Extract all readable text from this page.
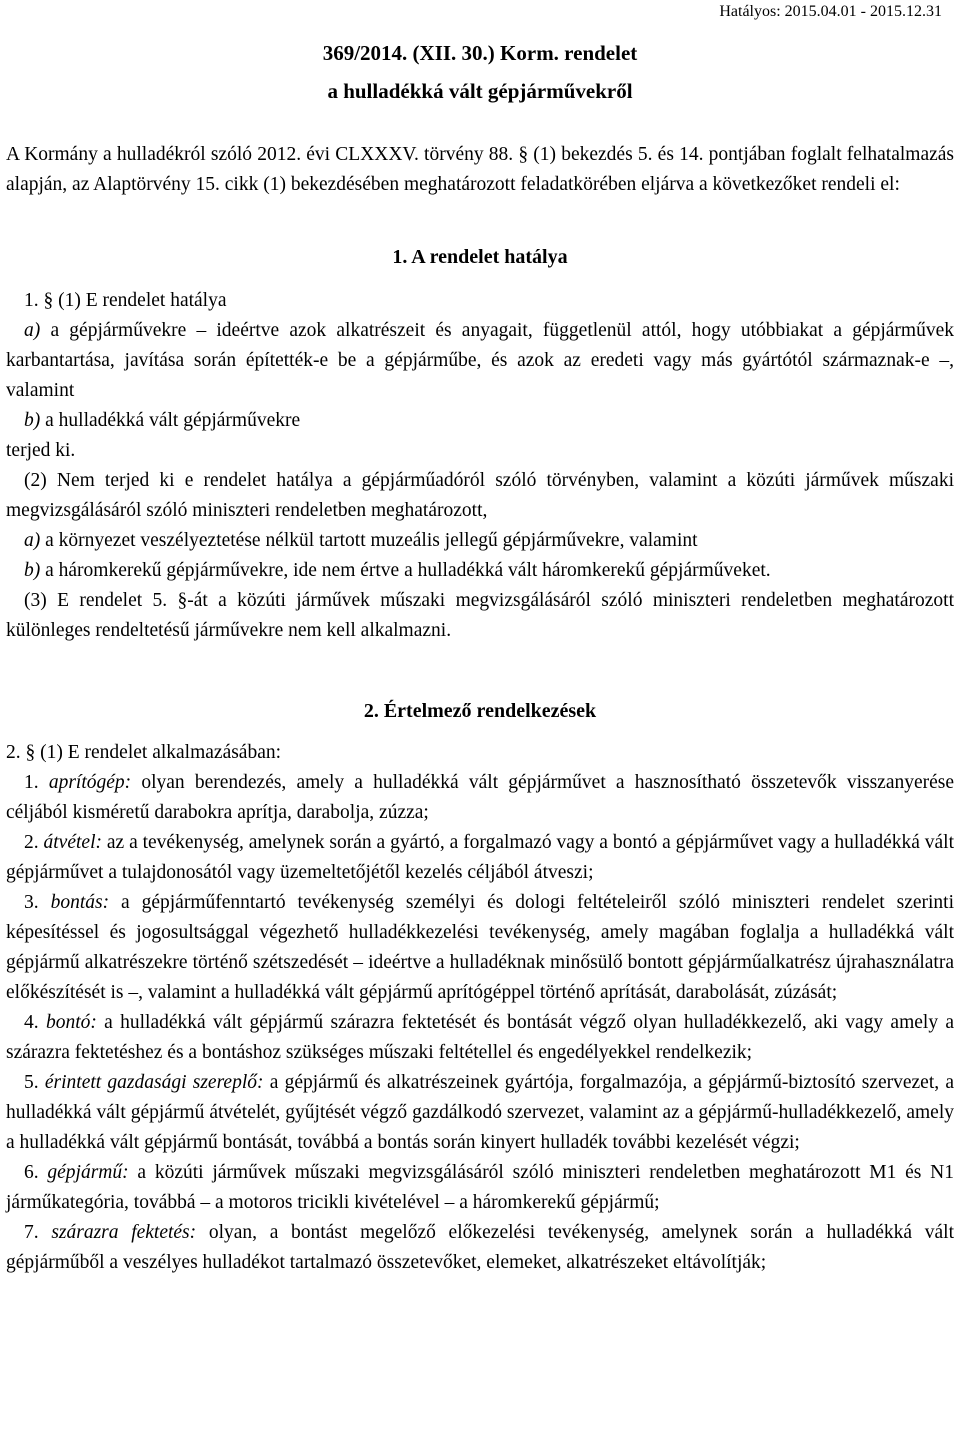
Hatályos: 2015.04.01 - 2015.12.31
369/2014. (XII. 30.) Korm. rendelet
a hulladékká vált gépjárművekről

A Kormány a hulladékról szóló 2012. évi CLXXXV. törvény 88. § (1) bekezdés 5. és 14. pontjában foglalt felhatalmazás alapján, az Alaptörvény 15. cikk (1) bekezdésében meghatározott feladatkörében eljárva a következőket rendeli el:

1. A rendelet hatálya

1. § (1) E rendelet hatálya

a) a gépjárművekre – ideértve azok alkatrészeit és anyagait, függetlenül attól, hogy utóbbiakat a gépjárművek karbantartása, javítása során építették-e be a gépjárműbe, és azok az eredeti vagy más gyártótól származnak-e –, valamint

b) a hulladékká vált gépjárművekre

terjed ki.

(2) Nem terjed ki e rendelet hatálya a gépjárműadóról szóló törvényben, valamint a közúti járművek műszaki megvizsgálásáról szóló miniszteri rendeletben meghatározott,

a) a környezet veszélyeztetése nélkül tartott muzeális jellegű gépjárművekre, valamint

b) a háromkerekű gépjárművekre, ide nem értve a hulladékká vált háromkerekű gépjárműveket.

(3) E rendelet 5. §-át a közúti járművek műszaki megvizsgálásáról szóló miniszteri rendeletben meghatározott különleges rendeltetésű járművekre nem kell alkalmazni.

2. Értelmező rendelkezések

2. § (1) E rendelet alkalmazásában:

1. aprítógép: olyan berendezés, amely a hulladékká vált gépjárművet a hasznosítható összetevők visszanyerése céljából kisméretű darabokra aprítja, darabolja, zúzza;

2. átvétel: az a tevékenység, amelynek során a gyártó, a forgalmazó vagy a bontó a gépjárművet vagy a hulladékká vált gépjárművet a tulajdonosától vagy üzemeltetőjétől kezelés céljából átveszi;

3. bontás: a gépjárműfenntartó tevékenység személyi és dologi feltételeiről szóló miniszteri rendelet szerinti képesítéssel és jogosultsággal végezhető hulladékkezelési tevékenység, amely magában foglalja a hulladékká vált gépjármű alkatrészekre történő szétszedését – ideértve a hulladéknak minősülő bontott gépjárműalkatrész újrahasználatra előkészítését is –, valamint a hulladékká vált gépjármű aprítógéppel történő aprítását, darabolását, zúzását;

4. bontó: a hulladékká vált gépjármű szárazra fektetését és bontását végző olyan hulladékkezelő, aki vagy amely a szárazra fektetéshez és a bontáshoz szükséges műszaki feltétellel és engedélyekkel rendelkezik;

5. érintett gazdasági szereplő: a gépjármű és alkatrészeinek gyártója, forgalmazója, a gépjármű-biztosító szervezet, a hulladékká vált gépjármű átvételét, gyűjtését végző gazdálkodó szervezet, valamint az a gépjármű-hulladékkezelő, amely a hulladékká vált gépjármű bontását, továbbá a bontás során kinyert hulladék további kezelését végzi;

6. gépjármű: a közúti járművek műszaki megvizsgálásáról szóló miniszteri rendeletben meghatározott M1 és N1 járműkategória, továbbá – a motoros tricikli kivételével – a háromkerekű gépjármű;

7. szárazra fektetés: olyan, a bontást megelőző előkezelési tevékenység, amelynek során a hulladékká vált gépjárműből a veszélyes hulladékot tartalmazó összetevőket, elemeket, alkatrészeket eltávolítják;
